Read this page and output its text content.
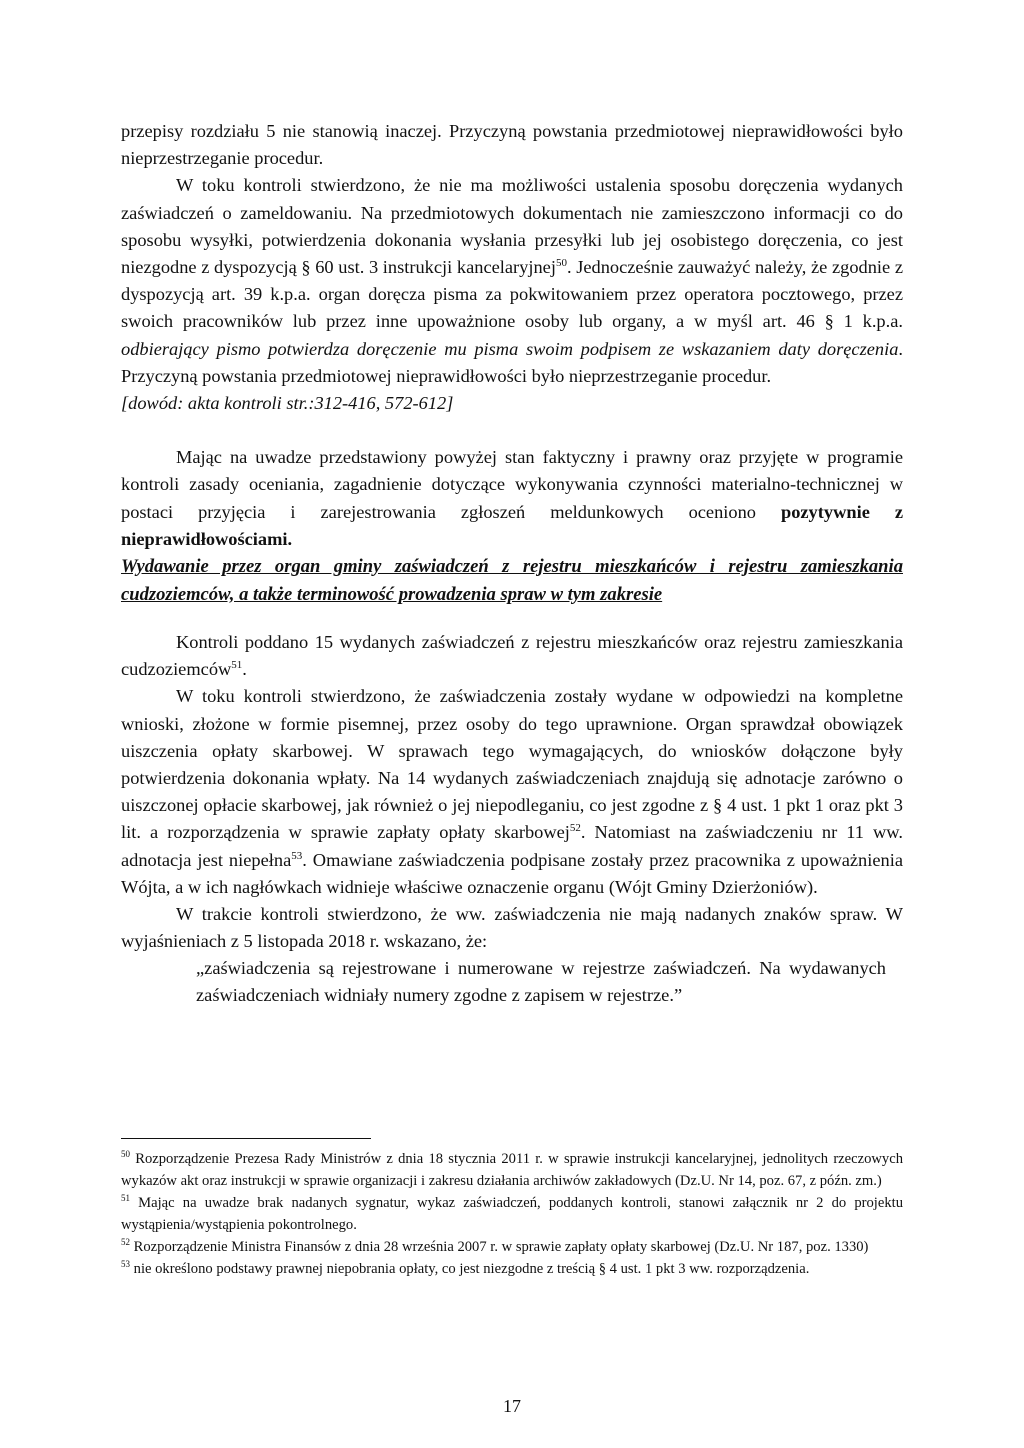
przepisy rozdziału 5 nie stanowią inaczej. Przyczyną powstania przedmiotowej nieprawidłowości było nieprzestrzeganie procedur.

W toku kontroli stwierdzono, że nie ma możliwości ustalenia sposobu doręczenia wydanych zaświadczeń o zameldowaniu. Na przedmiotowych dokumentach nie zamieszczono informacji co do sposobu wysyłki, potwierdzenia dokonania wysłania przesyłki lub jej osobistego doręczenia, co jest niezgodne z dyspozycją § 60 ust. 3 instrukcji kancelaryjnej$^{50}$. Jednocześnie zauważyć należy, że zgodnie z dyspozycją art. 39 k.p.a. organ doręcza pisma za pokwitowaniem przez operatora pocztowego, przez swoich pracowników lub przez inne upoważnione osoby lub organy, a w myśl art. 46 § 1 k.p.a. odbierający pismo potwierdza doręczenie mu pisma swoim podpisem ze wskazaniem daty doręczenia. Przyczyną powstania przedmiotowej nieprawidłowości było nieprzestrzeganie procedur.
[dowód: akta kontroli str.:312-416, 572-612]

Mając na uwadze przedstawiony powyżej stan faktyczny i prawny oraz przyjęte w programie kontroli zasady oceniania, zagadnienie dotyczące wykonywania czynności materialno-technicznej w postaci przyjęcia i zarejestrowania zgłoszeń meldunkowych oceniono pozytywnie z nieprawidłowościami.

Wydawanie przez organ gminy zaświadczeń z rejestru mieszkańców i rejestru zamieszkania cudzoziemców, a także terminowość prowadzenia spraw w tym zakresie

Kontroli poddano 15 wydanych zaświadczeń z rejestru mieszkańców oraz rejestru zamieszkania cudzoziemców$^{51}$.

W toku kontroli stwierdzono, że zaświadczenia zostały wydane w odpowiedzi na kompletne wnioski, złożone w formie pisemnej, przez osoby do tego uprawnione. Organ sprawdzał obowiązek uiszczenia opłaty skarbowej. W sprawach tego wymagających, do wniosków dołączone były potwierdzenia dokonania wpłaty. Na 14 wydanych zaświadczeniach znajdują się adnotacje zarówno o uiszczonej opłacie skarbowej, jak również o jej niepodleganiu, co jest zgodne z § 4 ust. 1 pkt 1 oraz pkt 3 lit. a rozporządzenia w sprawie zapłaty opłaty skarbowej$^{52}$. Natomiast na zaświadczeniu nr 11 ww. adnotacja jest niepełna$^{53}$. Omawiane zaświadczenia podpisane zostały przez pracownika z upoważnienia Wójta, a w ich nagłówkach widnieje właściwe oznaczenie organu (Wójt Gminy Dzierżoniów).

W trakcie kontroli stwierdzono, że ww. zaświadczenia nie mają nadanych znaków spraw. W wyjaśnieniach z 5 listopada 2018 r. wskazano, że:

„zaświadczenia są rejestrowane i numerowane w rejestrze zaświadczeń. Na wydawanych zaświadczeniach widniały numery zgodne z zapisem w rejestrze.”

$^{50}$ Rozporządzenie Prezesa Rady Ministrów z dnia 18 stycznia 2011 r. w sprawie instrukcji kancelaryjnej, jednolitych rzeczowych wykazów akt oraz instrukcji w sprawie organizacji i zakresu działania archiwów zakładowych (Dz.U. Nr 14, poz. 67, z późn. zm.)

$^{51}$ Mając na uwadze brak nadanych sygnatur, wykaz zaświadczeń, poddanych kontroli, stanowi załącznik nr 2 do projektu wystąpienia/wystąpienia pokontrolnego.

$^{52}$ Rozporządzenie Ministra Finansów z dnia 28 września 2007 r. w sprawie zapłaty opłaty skarbowej (Dz.U. Nr 187, poz. 1330)

$^{53}$ nie określono podstawy prawnej niepobrania opłaty, co jest niezgodne z treścią § 4 ust. 1 pkt 3 ww. rozporządzenia.

17
